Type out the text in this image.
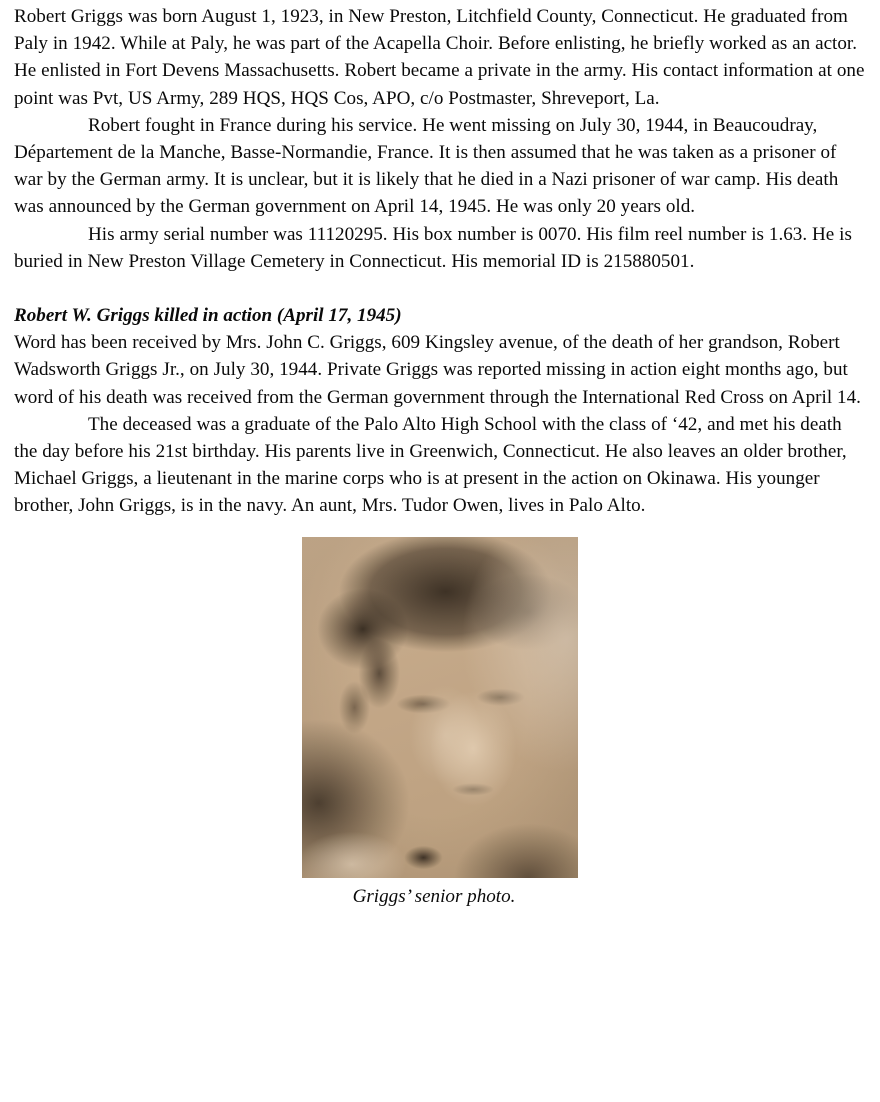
Robert Griggs was born August 1, 1923, in New Preston, Litchfield County, Connecticut. He graduated from Paly in 1942. While at Paly, he was part of the Acapella Choir. Before enlisting, he briefly worked as an actor. He enlisted in Fort Devens Massachusetts. Robert became a private in the army. His contact information at one point was Pvt, US Army, 289 HQS, HQS Cos, APO, c/o Postmaster, Shreveport, La.

Robert fought in France during his service. He went missing on July 30, 1944, in Beaucoudray, Département de la Manche, Basse-Normandie, France. It is then assumed that he was taken as a prisoner of war by the German army. It is unclear, but it is likely that he died in a Nazi prisoner of war camp. His death was announced by the German government on April 14, 1945. He was only 20 years old.

His army serial number was 11120295. His box number is 0070. His film reel number is 1.63. He is buried in New Preston Village Cemetery in Connecticut. His memorial ID is 215880501.

Robert W. Griggs killed in action (April 17, 1945)

Word has been received by Mrs. John C. Griggs, 609 Kingsley avenue, of the death of her grandson, Robert Wadsworth Griggs Jr., on July 30, 1944. Private Griggs was reported missing in action eight months ago, but word of his death was received from the German government through the International Red Cross on April 14.

The deceased was a graduate of the Palo Alto High School with the class of ‘42, and met his death the day before his 21st birthday. His parents live in Greenwich, Connecticut. He also leaves an older brother, Michael Griggs, a lieutenant in the marine corps who is at present in the action on Okinawa. His younger brother, John Griggs, is in the navy. An aunt, Mrs. Tudor Owen, lives in Palo Alto.

Griggs’ senior photo.
